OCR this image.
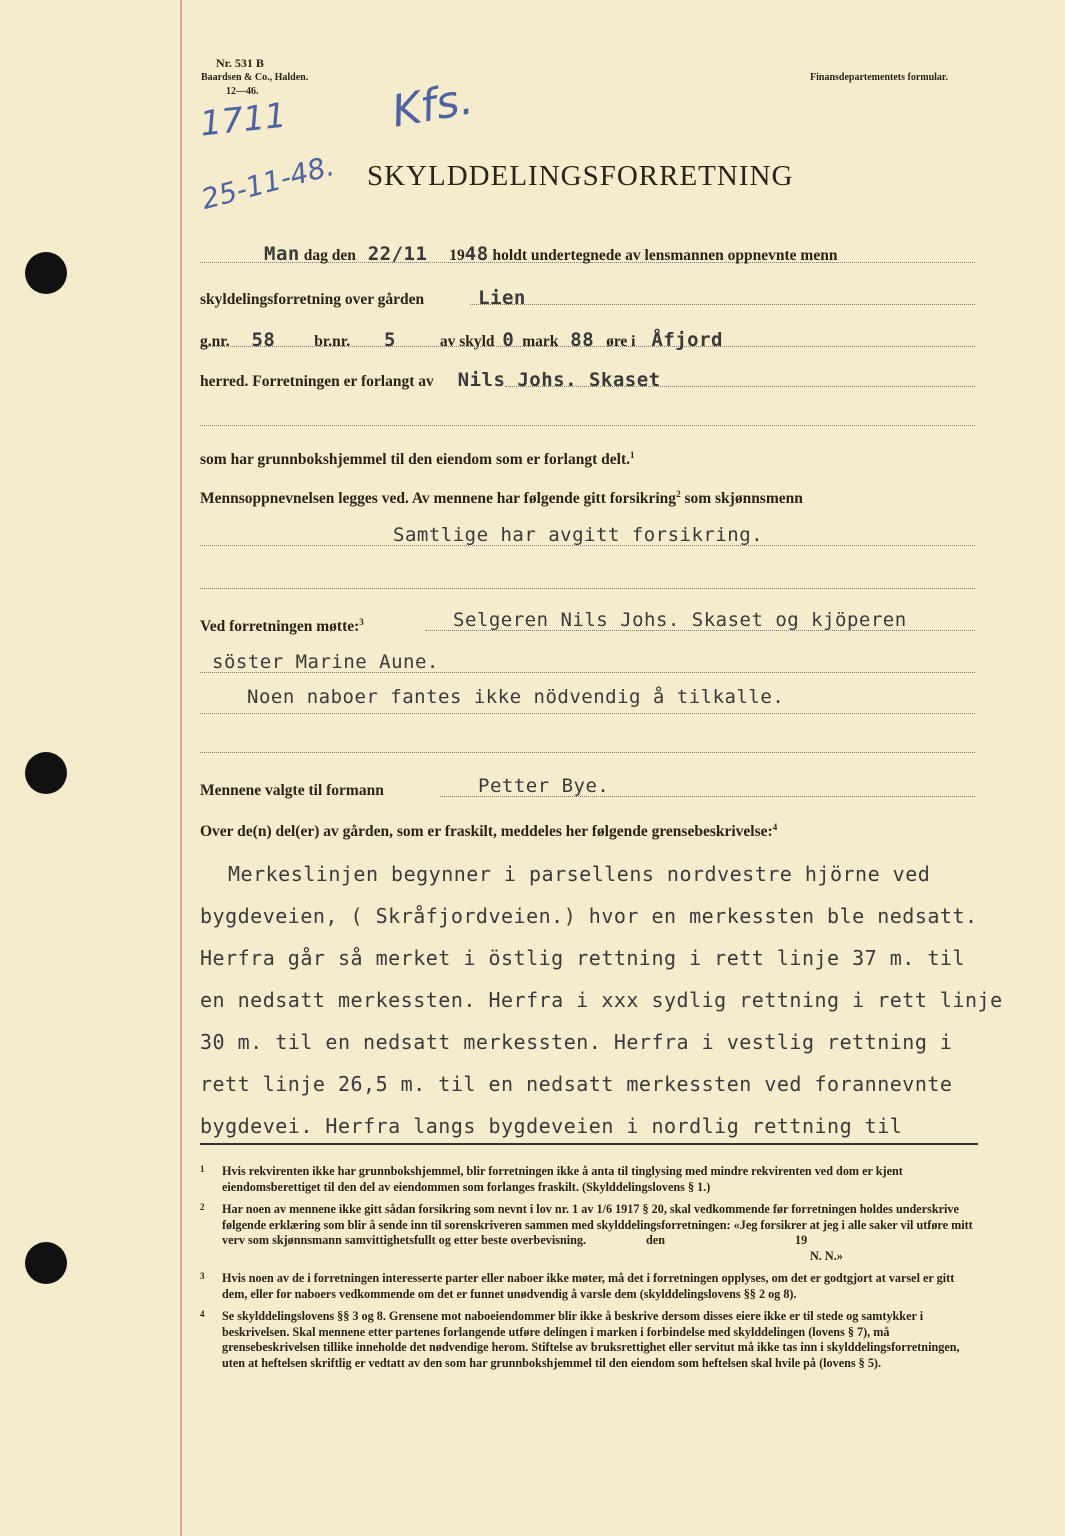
Nr. 531 B
Baardsen & Co., Halden.
12—46.
Finansdepartementets formular.
1711
25-11-48.
Kfs.
SKYLDDELINGSFORRETNING
Man dag den 22/11 1948 holdt undertegnede av lensmannen oppnevnte menn
skyldelingsforretning over gården	Lien
g.nr. 58	br.nr. 5	av skyld 0 mark 88 øre i Åfjord
herred. Forretningen er forlangt av Nils Johs. Skaset
som har grunnbokshjemmel til den eiendom som er forlangt delt.$^1$
Mennsoppnevnelsen legges ved. Av mennene har følgende gitt forsikring$^2$ som skjønnsmenn
Samtlige har avgitt forsikring.
Ved forretningen møtte:$^3$	Selgeren Nils Johs. Skaset og kjöperen
söster Marine Aune.
Noen naboer fantes ikke nödvendig å tilkalle.
Mennene valgte til formann	Petter Bye.
Over de(n) del(er) av gården, som er fraskilt, meddeles her følgende grensebeskrivelse:$^4$
Merkeslinjen begynner i parsellens nordvestre hjörne ved
bygdeveien, ( Skråfjordveien.) hvor en merkessten ble nedsatt.
Herfra går så merket i östlig rettning i rett linje 37 m. til
en nedsatt merkessten. Herfra i xxx sydlig rettning i rett linje
30 m. til en nedsatt merkessten. Herfra i vestlig rettning i
rett linje 26,5 m. til en nedsatt merkessten ved forannevnte
bygdevei. Herfra langs bygdeveien i nordlig rettning til
1 Hvis rekvirenten ikke har grunnbokshjemmel, blir forretningen ikke å anta til tinglysing med mindre rekvirenten ved dom er kjent eiendomsberettiget til den del av eiendommen som forlanges fraskilt. (Skylddelingslovens § 1.)

2 Har noen av mennene ikke gitt sådan forsikring som nevnt i lov nr. 1 av 1/6 1917 § 20, skal vedkommende før forretningen holdes underskrive følgende erklæring som blir å sende inn til sorenskriveren sammen med skylddelingsforretningen: «Jeg forsikrer at jeg i alle saker vil utføre mitt verv som skjønnsmann samvittighetsfullt og etter beste overbevisning.	den	19
N. N.»

3 Hvis noen av de i forretningen interesserte parter eller naboer ikke møter, må det i forretningen opplyses, om det er godtgjort at varsel er gitt dem, eller for naboers vedkommende om det er funnet unødvendig å varsle dem (skylddelingslovens §§ 2 og 8).

4 Se skylddelingslovens §§ 3 og 8. Grensene mot naboeiendommer blir ikke å beskrive dersom disses eiere ikke er til stede og samtykker i beskrivelsen. Skal mennene etter partenes forlangende utføre delingen i marken i forbindelse med skylddelingen (lovens § 7), må grensebeskrivelsen tillike inneholde det nødvendige herom. Stiftelse av bruksrettighet eller servitut må ikke tas inn i skylddelingsforretningen, uten at heftelsen skriftlig er vedtatt av den som har grunnbokshjemmel til den eiendom som heftelsen skal hvile på (lovens § 5).
